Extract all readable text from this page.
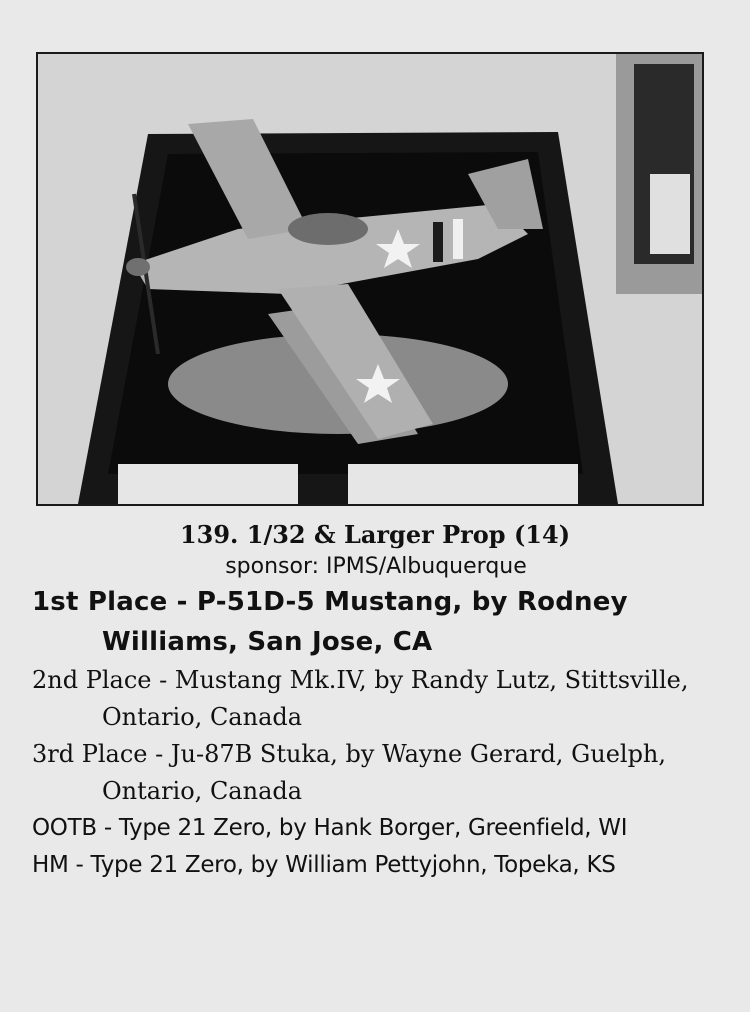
139. 1/32 & Larger Prop (14)

sponsor: IPMS/Albuquerque

1st Place - P-51D-5 Mustang, by Rodney Williams, San Jose, CA
2nd Place - Mustang Mk.IV, by Randy Lutz, Stittsville, Ontario, Canada
3rd Place - Ju-87B Stuka, by Wayne Gerard, Guelph, Ontario, Canada
OOTB - Type 21 Zero, by Hank Borger, Greenfield, WI
HM - Type 21 Zero, by William Pettyjohn, Topeka, KS
